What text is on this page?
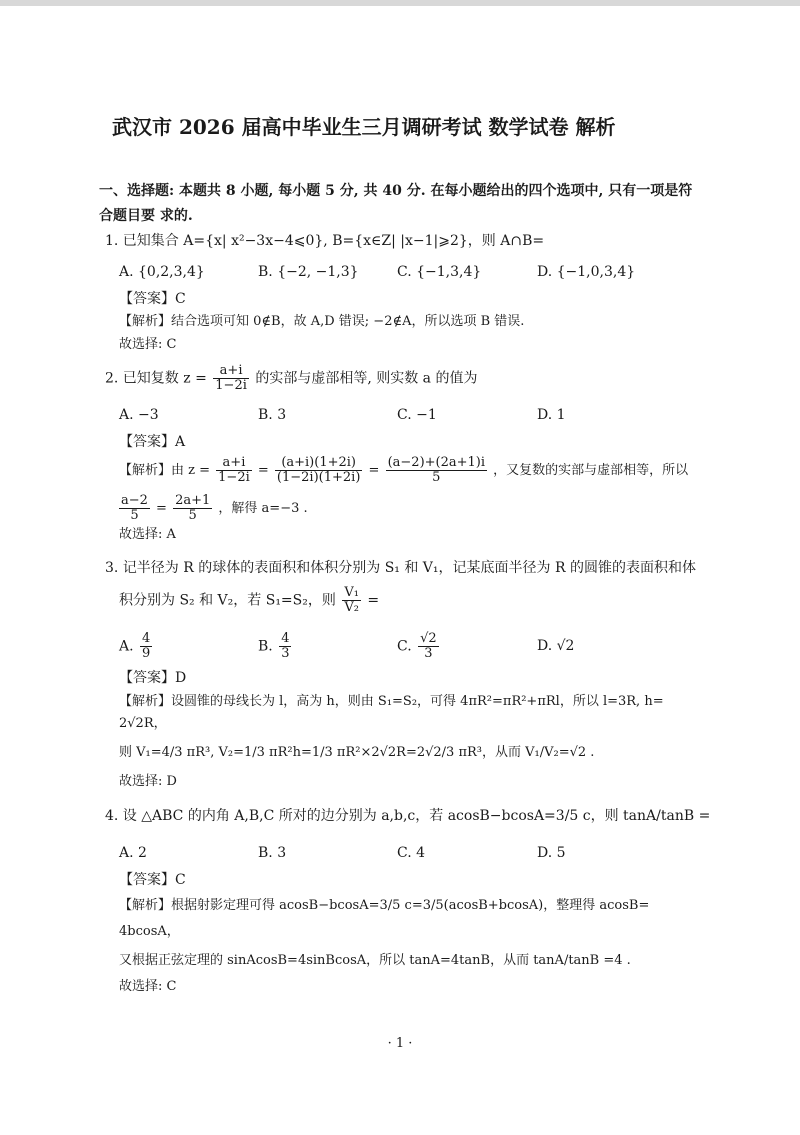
武汉市 2026 届高中毕业生三月调研考试 数学试卷 解析
一、选择题: 本题共 8 小题, 每小题 5 分, 共 40 分. 在每小题给出的四个选项中, 只有一项是符
合题目要 求的.
1. 已知集合 A={x| x²−3x−4⩽0}, B={x∈Z| |x−1|⩾2}，则 A∩B=
A. {0,2,3,4}	B. {−2, −1,3}	C. {−1,3,4}	D. {−1,0,3,4}
【答案】C
【解析】结合选项可知 0∉B，故 A,D 错误; −2∉A，所以选项 B 错误.
故选择: C
2. 已知复数 $z = \frac{a+i}{1-2i}$ 的实部与虚部相等, 则实数 a 的值为
A. −3	B. 3	C. −1	D. 1
【答案】A
【解析】由 $z = \frac{a+i}{1-2i} = \frac{(a+i)(1+2i)}{(1-2i)(1+2i)} = \frac{(a-2)+(2a+1)i}{5}$ ，又复数的实部与虚部相等，所以
$\frac{a-2}{5} = \frac{2a+1}{5}$ ，解得 a=−3 .
故选择: A
3. 记半径为 R 的球体的表面积和体积分别为 S₁ 和 V₁，记某底面半径为 R 的圆锥的表面积和体
积分别为 S₂ 和 V₂，若 S₁=S₂，则 $\frac{\text{V₁}}{\text{V₂}}$ =
A. $\frac{4}{9}$	B. $\frac{4}{3}$	C. $\frac{√2}{3}$	D. √2
【答案】D
【解析】设圆锥的母线长为 l，高为 h，则由 S₁=S₂，可得 4πR²=πR²+πRl，所以 l=3R, h=
2√2R，
则 V₁=4/3 πR³, V₂=1/3 πR²h=1/3 πR²×2√2R=2√2/3 πR³，从而 V₁/V₂=√2 .
故选择: D
4. 设 △ABC 的内角 A,B,C 所对的边分别为 a,b,c，若 acosB−bcosA=3/5 c，则 tanA/tanB =
A. 2	B. 3	C. 4	D. 5
【答案】C
【解析】根据射影定理可得 acosB−bcosA=3/5 c=3/5(acosB+bcosA)，整理得 acosB=
4bcosA，
又根据正弦定理的 sinAcosB=4sinBcosA，所以 tanA=4tanB，从而 tanA/tanB =4 .
故选择: C
· 1 ·
